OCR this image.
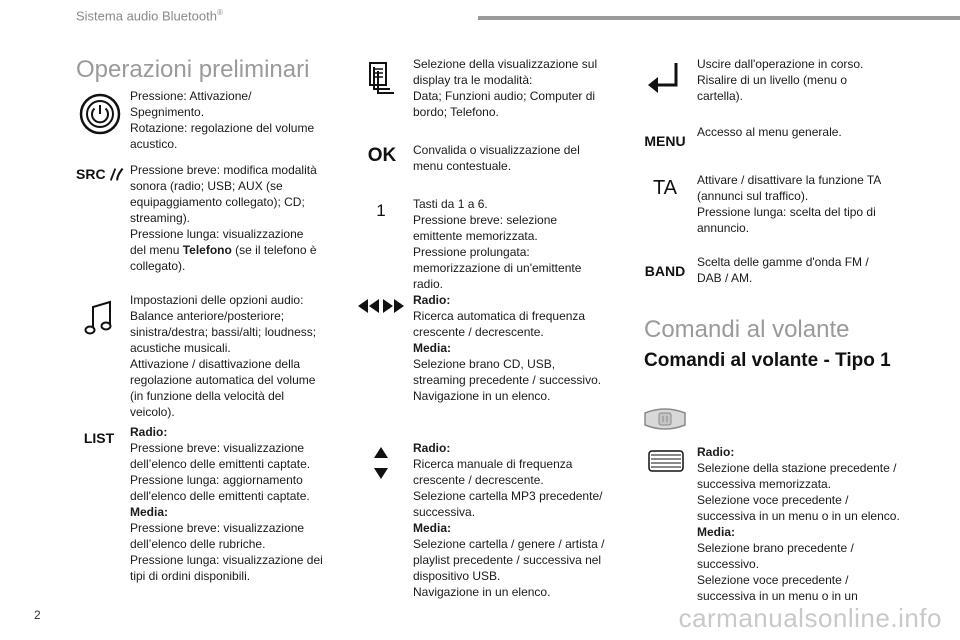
Sistema audio Bluetooth®
Operazioni preliminari

Pressione: Attivazione/

Spegnimento.

Rotazione: regolazione del volume

acustico.

SRC Pressione breve: modifica modalità

sonora (radio; USB; AUX (se

equipaggiamento collegato); CD;

streaming).

Pressione lunga: visualizzazione

del menu Telefono (se il telefono è

collegato).

Impostazioni delle opzioni audio:

Balance anteriore/posteriore;

sinistra/destra; bassi/alti; loudness;

acustiche musicali.

Attivazione / disattivazione della

regolazione automatica del volume

(in funzione della velocità del

veicolo).

LIST Radio:

Pressione breve: visualizzazione

dell’elenco delle emittenti captate.

Pressione lunga: aggiornamento

dell'elenco delle emittenti captate.

Media:

Pressione breve: visualizzazione

dell’elenco delle rubriche.

Pressione lunga: visualizzazione dei

tipi di ordini disponibili.

Selezione della visualizzazione sul

display tra le modalità:

Data; Funzioni audio; Computer di

bordo; Telefono.

OK Convalida o visualizzazione del

menu contestuale.

1 Tasti da 1 a 6.

Pressione breve: selezione

emittente memorizzata.

Pressione prolungata:

memorizzazione di un'emittente

radio.

Radio:

Ricerca automatica di frequenza

crescente / decrescente.

Media:

Selezione brano CD, USB,

streaming precedente / successivo.

Navigazione in un elenco.

Radio:

Ricerca manuale di frequenza

crescente / decrescente.

Selezione cartella MP3 precedente/

successiva.

Media:

Selezione cartella / genere / artista /

playlist precedente / successiva nel

dispositivo USB.

Navigazione in un elenco.

Uscire dall'operazione in corso.

Risalire di un livello (menu o

cartella).

MENU

Accesso al menu generale.

TA Attivare / disattivare la funzione TA

(annunci sul traffico).

Pressione lunga: scelta del tipo di

annuncio.

BAND

Scelta delle gamme d'onda FM /

DAB / AM.

Comandi al volante
Comandi al volante - Tipo 1

Radio:

Selezione della stazione precedente /

successiva memorizzata.

Selezione voce precedente /

successiva in un menu o in un elenco.

Media:

Selezione brano precedente /

successivo.

Selezione voce precedente /

successiva in un menu o in un

2	carmanualsonline.info
